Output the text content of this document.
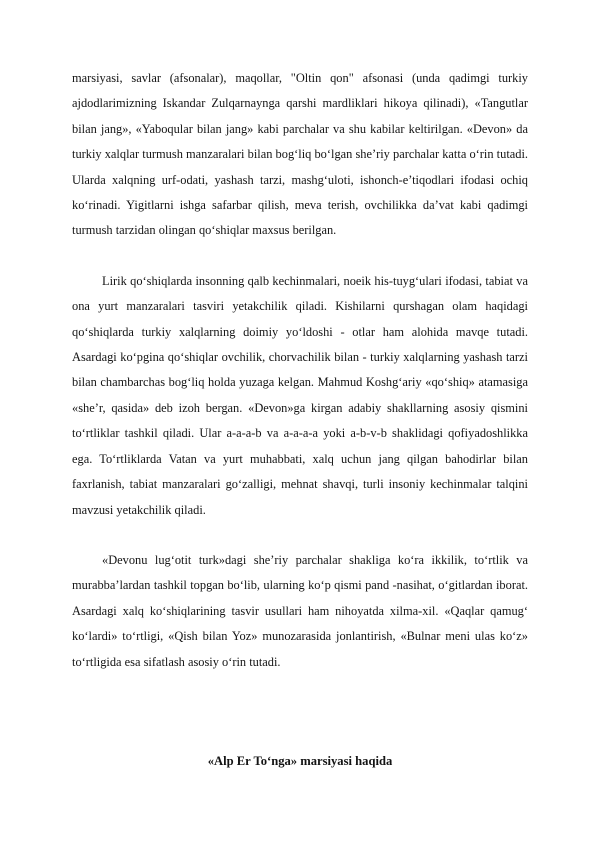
marsiyasi, savlar (afsonalar), maqollar, "Oltin qon" afsonasi (unda qadimgi turkiy ajdodlarimizning Iskandar Zulqarnaynga qarshi mardliklari hikoya qilinadi), «Tangutlar bilan jang», «Yaboqular bilan jang» kabi parchalar va shu kabilar keltirilgan. «Devon» da turkiy xalqlar turmush manzaralari bilan bog‘liq bo‘lgan she’riy parchalar katta o‘rin tutadi. Ularda xalqning urf-odati, yashash tarzi, mashg‘uloti, ishonch-e’tiqodlari ifodasi ochiq ko‘rinadi. Yigitlarni ishga safarbar qilish, meva terish, ovchilikka da’vat kabi qadimgi turmush tarzidan olingan qo‘shiqlar maxsus berilgan.

Lirik qo‘shiqlarda insonning qalb kechinmalari, noeik his-tuyg‘ulari ifodasi, tabiat va ona yurt manzaralari tasviri yetakchilik qiladi. Kishilarni qurshagan olam haqidagi qo‘shiqlarda turkiy xalqlarning doimiy yo‘ldoshi - otlar ham alohida mavqe tutadi. Asardagi ko‘pgina qo‘shiqlar ovchilik, chorvachilik bilan - turkiy xalqlarning yashash tarzi bilan chambarchas bog‘liq holda yuzaga kelgan. Mahmud Koshg‘ariy «qo‘shiq» atamasiga «she’r, qasida» deb izoh bergan. «Devon»ga kirgan adabiy shakllarning asosiy qismini to‘rtliklar tashkil qiladi. Ular a-a-a-b va a-a-a-a yoki a-b-v-b shaklidagi qofiyadoshlikka ega. To‘rtliklarda Vatan va yurt muhabbati, xalq uchun jang qilgan bahodirlar bilan faxrlanish, tabiat manzaralari go‘zalligi, mehnat shavqi, turli insoniy kechinmalar talqini mavzusi yetakchilik qiladi.

«Devonu lug‘otit turk»dagi she’riy parchalar shakliga ko‘ra ikkilik, to‘rtlik va murabba’lardan tashkil topgan bo‘lib, ularning ko‘p qismi pand -nasihat, o‘gitlardan iborat. Asardagi xalq ko‘shiqlarining tasvir usullari ham nihoyatda xilma-xil. «Qaqlar qamug‘ ko‘lardi» to‘rtligi, «Qish bilan Yoz» munozarasida jonlantirish, «Bulnar meni ulas ko‘z» to‘rtligida esa sifatlash asosiy o‘rin tutadi.

«Alp Er To‘nga» marsiyasi haqida
